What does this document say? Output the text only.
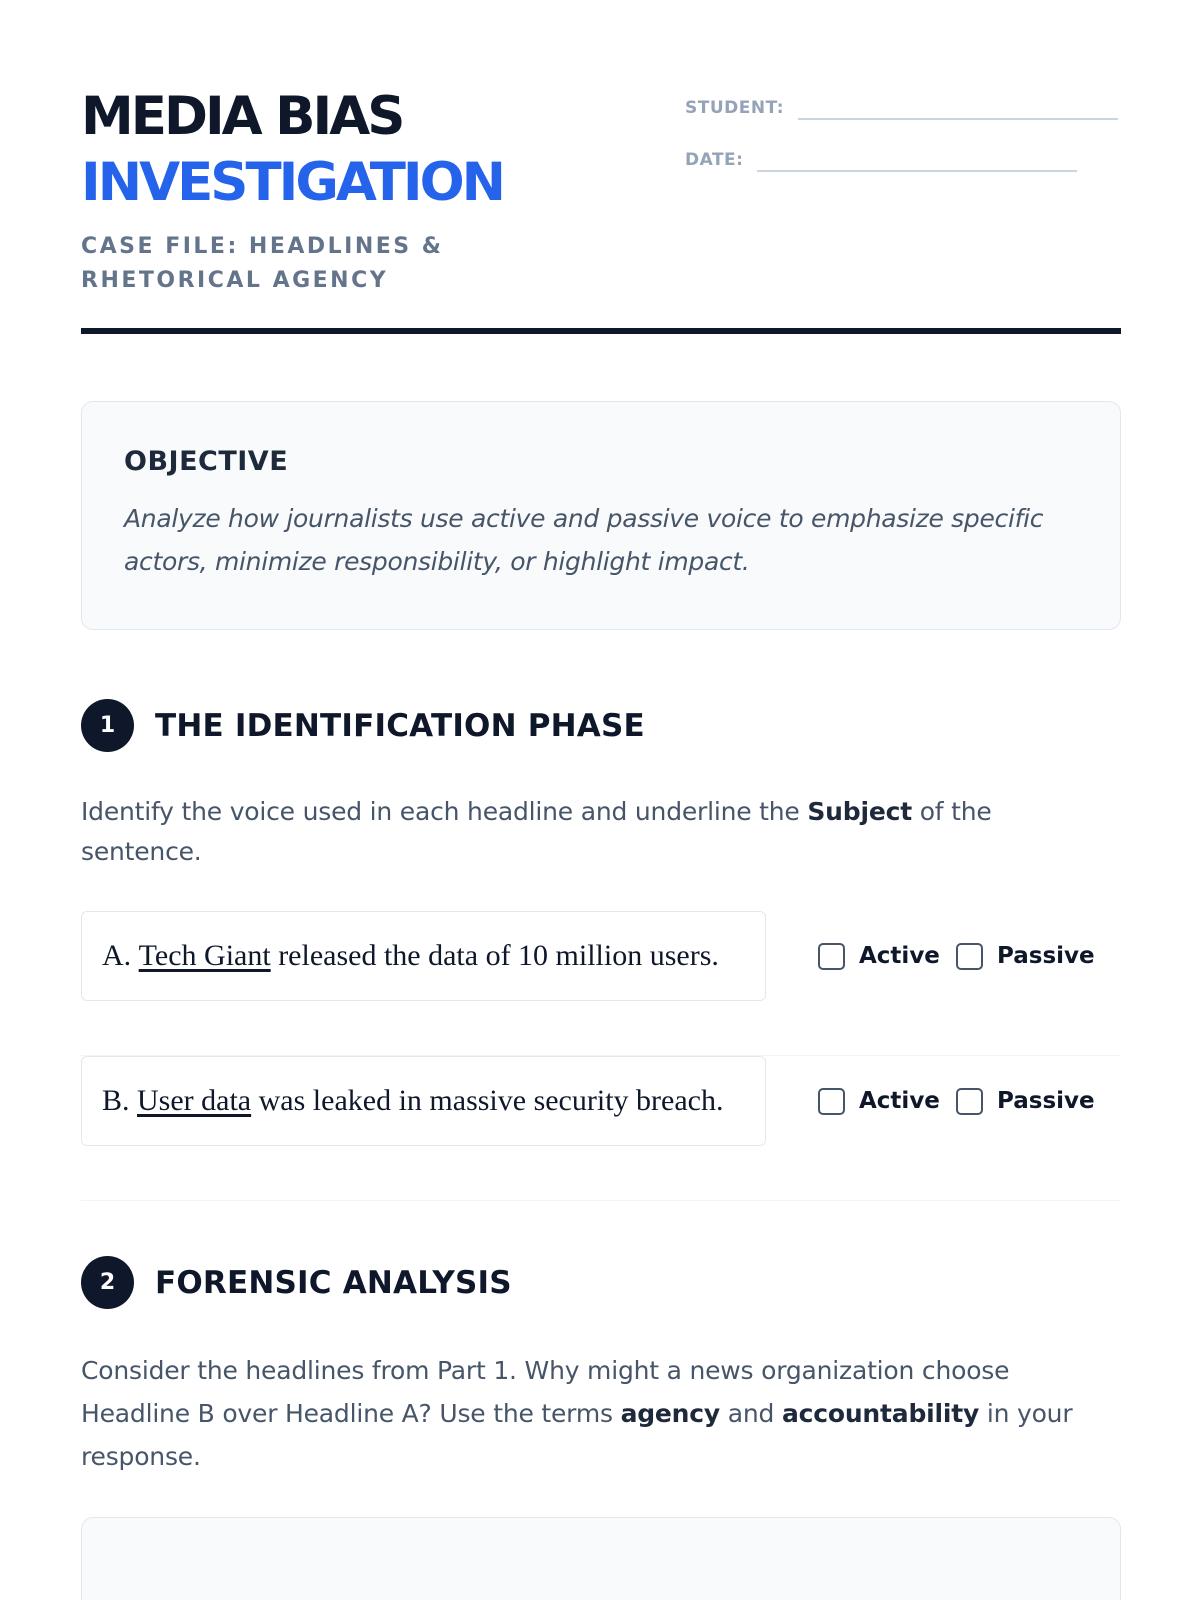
MEDIA BIAS
INVESTIGATION
CASE FILE: HEADLINES & RHETORICAL AGENCY
STUDENT:
DATE:
OBJECTIVE
Analyze how journalists use active and passive voice to emphasize specific actors, minimize responsibility, or highlight impact.
1	THE IDENTIFICATION PHASE
Identify the voice used in each headline and underline the Subject of the sentence.
A. Tech Giant released the data of 10 million users.	Active Passive
B. User data was leaked in massive security breach.	Active Passive
2	FORENSIC ANALYSIS
Consider the headlines from Part 1. Why might a news organization choose Headline B over Headline A? Use the terms agency and accountability in your response.
